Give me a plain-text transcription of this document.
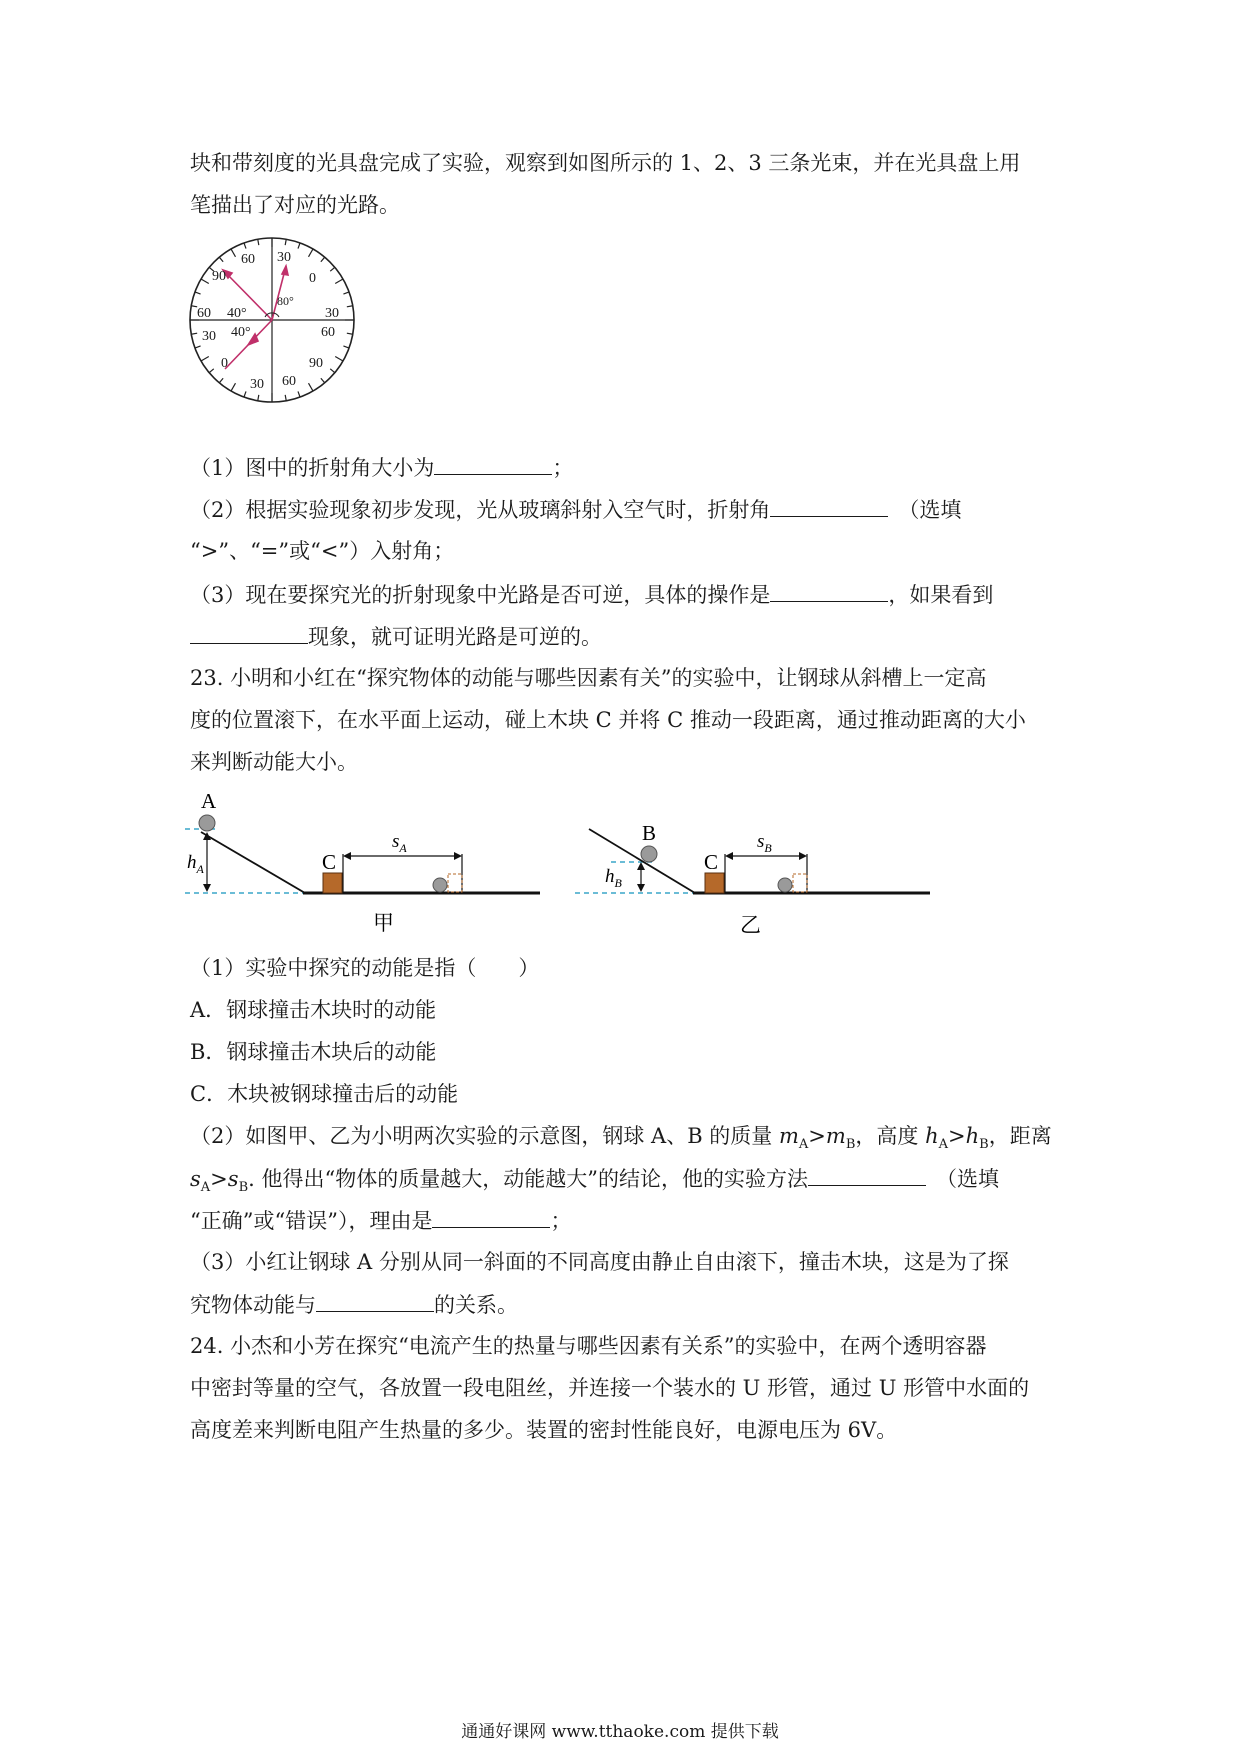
块和带刻度的光具盘完成了实验，观察到如图所示的 1、2、3 三条光束，并在光具盘上用
笔描出了对应的光路。
60 30
90	0
60 40°
80°
30
30 40°	60
0	90
30 60
（1）图中的折射角大小为	；
（2）根据实验现象初步发现，光从玻璃斜射入空气时，折射角	（选填
“>”、“=”或“<”）入射角；
（3）现在要探究光的折射现象中光路是否可逆，具体的操作是	，如果看到
现象，就可证明光路是可逆的。
23. 小明和小红在“探究物体的动能与哪些因素有关”的实验中，让钢球从斜槽上一定高
度的位置滚下，在水平面上运动，碰上木块 C 并将 C 推动一段距离，通过推动距离的大小
来判断动能大小。
A
$h_A$	C
$s_A$
甲
B
$h_B$
C
$s_B$
乙
（1）实验中探究的动能是指（　　）
A．钢球撞击木块时的动能
B．钢球撞击木块后的动能
C．木块被钢球撞击后的动能
（2）如图甲、乙为小明两次实验的示意图，钢球 A、B 的质量 $m_A>m_B$，高度 $h_A>h_B$，距离
$s_A>s_B$. 他得出“物体的质量越大，动能越大”的结论，他的实验方法	（选填
“正确”或“错误”），理由是	；
（3）小红让钢球 A 分别从同一斜面的不同高度由静止自由滚下，撞击木块，这是为了探
究物体动能与	的关系。
24. 小杰和小芳在探究“电流产生的热量与哪些因素有关系”的实验中，在两个透明容器
中密封等量的空气，各放置一段电阻丝，并连接一个装水的 U 形管，通过 U 形管中水面的
高度差来判断电阻产生热量的多少。装置的密封性能良好，电源电压为 6V。
通通好课网 www.tthaoke.com 提供下载
